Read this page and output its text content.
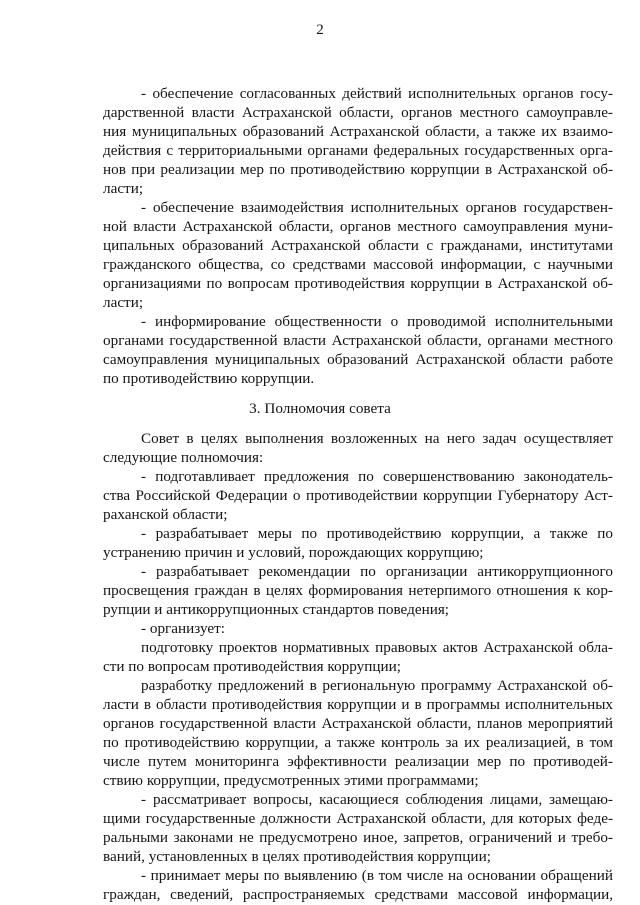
2
- обеспечение согласованных действий исполнительных органов госу-
дарственной власти Астраханской области, органов местного самоуправле-
ния муниципальных образований Астраханской области, а также их взаимо-
действия с территориальными органами федеральных государственных орга-
нов при реализации мер по противодействию коррупции в Астраханской об-
ласти;
- обеспечение взаимодействия исполнительных органов государствен-
ной власти Астраханской области, органов местного самоуправления муни-
ципальных образований Астраханской области с гражданами, институтами
гражданского общества, со средствами массовой информации, с научными
организациями по вопросам противодействия коррупции в Астраханской об-
ласти;
- информирование общественности о проводимой исполнительными
органами государственной власти Астраханской области, органами местного
самоуправления муниципальных образований Астраханской области работе
по противодействию коррупции.
3. Полномочия совета
Совет в целях выполнения возложенных на него задач осуществляет
следующие полномочия:
- подготавливает предложения по совершенствованию законодатель-
ства Российской Федерации о противодействии коррупции Губернатору Аст-
раханской области;
- разрабатывает меры по противодействию коррупции, а также по
устранению причин и условий, порождающих коррупцию;
- разрабатывает рекомендации по организации антикоррупционного
просвещения граждан в целях формирования нетерпимого отношения к кор-
рупции и антикоррупционных стандартов поведения;
- организует:
подготовку проектов нормативных правовых актов Астраханской обла-
сти по вопросам противодействия коррупции;
разработку предложений в региональную программу Астраханской об-
ласти в области противодействия коррупции и в программы исполнительных
органов государственной власти Астраханской области, планов мероприятий
по противодействию коррупции, а также контроль за их реализацией, в том
числе путем мониторинга эффективности реализации мер по противодей-
ствию коррупции, предусмотренных этими программами;
- рассматривает вопросы, касающиеся соблюдения лицами, замещаю-
щими государственные должности Астраханской области, для которых феде-
ральными законами не предусмотрено иное, запретов, ограничений и требо-
ваний, установленных в целях противодействия коррупции;
- принимает меры по выявлению (в том числе на основании обращений
граждан, сведений, распространяемых средствами массовой информации,
